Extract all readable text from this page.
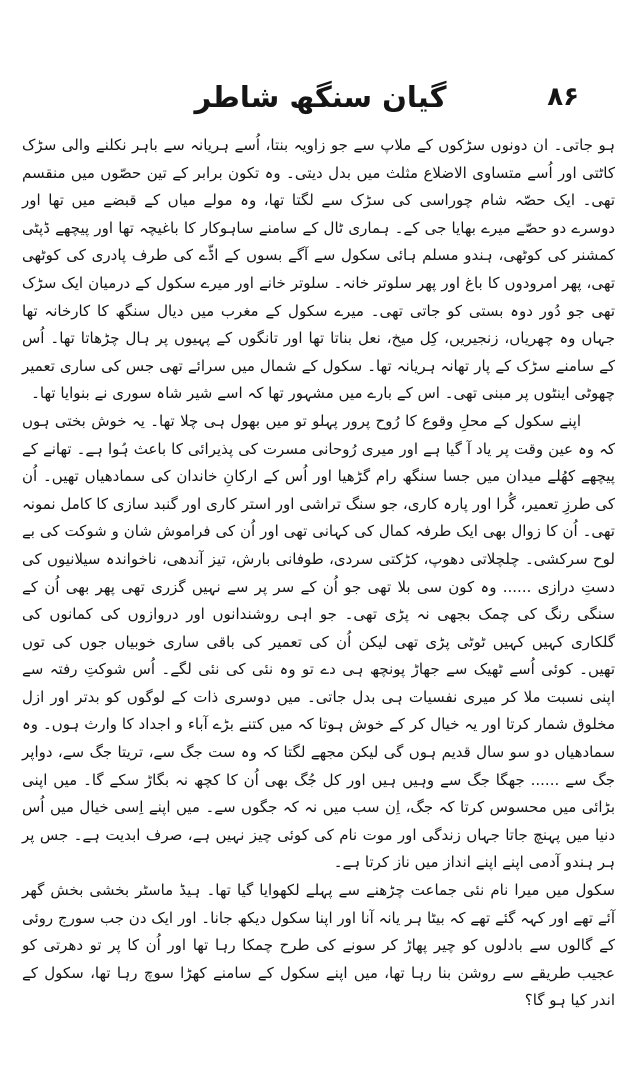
۸۶
گیان سنگھ شاطر

ہو جاتی۔ ان دونوں سڑکوں کے ملاپ سے جو زاویہ بنتا، اُسے ہریانہ سے باہر نکلنے والی سڑک کاٹتی اور اُسے متساوی الاضلاع مثلث میں بدل دیتی۔ وہ تکون برابر کے تین حصّوں میں منقسم تھی۔ ایک حصّہ شام چوراسی کی سڑک سے لگتا تھا، وہ مولے میاں کے قبضے میں تھا اور دوسرے دو حصّے میرے بھایا جی کے۔ ہماری ٹال کے سامنے ساہوکار کا باغیچہ تھا اور پیچھے ڈپٹی کمشنر کی کوٹھی، ہندو مسلم ہائی سکول سے آگے بسوں کے اڈّے کی طرف پادری کی کوٹھی تھی، پھر امرودوں کا باغ اور پھر سلوتر خانہ۔ سلوتر خانے اور میرے سکول کے درمیان ایک سڑک تھی جو دُور دوہ بستی کو جاتی تھی۔ میرے سکول کے مغرب میں دیال سنگھ کا کارخانہ تھا جہاں وہ چھریاں، زنجیریں، کِل میخ، نعل بناتا تھا اور تانگوں کے پہیوں پر ہال چڑھاتا تھا۔ اُس کے سامنے سڑک کے پار تھانہ ہریانہ تھا۔ سکول کے شمال میں سرائے تھی جس کی ساری تعمیر چھوٹی اینٹوں پر مبنی تھی۔ اس کے بارے میں مشہور تھا کہ اسے شیر شاہ سوری نے بنوایا تھا۔

اپنے سکول کے محلِ وقوع کا رُوح پرور پہلو تو میں بھول ہی چلا تھا۔ یہ خوش بختی ہوں کہ وہ عین وقت پر یاد آ گیا ہے اور میری رُوحانی مسرت کی پذیرائی کا باعث ہُوا ہے۔ تھانے کے پیچھے کھُلے میدان میں جسا سنگھ رام گڑھیا اور اُس کے ارکانِ خاندان کی سمادھیاں تھیں۔ اُن کی طرزِ تعمیر، گُرا اور پارہ کاری، جو سنگ تراشی اور استر کاری اور گنبد سازی کا کامل نمونہ تھی۔ اُن کا زوال بھی ایک طرفہ کمال کی کہانی تھی اور اُن کی فراموش شان و شوکت کی بے لوح سرکشی۔ چلچلاتی دھوپ، کڑکتی سردی، طوفانی بارش، تیز آندھی، ناخواندہ سیلانیوں کی دستِ درازی ...... وہ کون سی بلا تھی جو اُن کے سر پر سے نہیں گزری تھی پھر بھی اُن کے سنگی رنگ کی چمک بجھی نہ پڑی تھی۔ جو اہی روشندانوں اور دروازوں کی کمانوں کی گلکاری کہیں کہیں ٹوٹی پڑی تھی لیکن اُن کی تعمیر کی باقی ساری خوبیاں جوں کی توں تھیں۔ کوئی اُسے ٹھیک سے جھاڑ پونچھ ہی دے تو وہ نئی کی نئی لگے۔ اُس شوکتِ رفتہ سے اپنی نسبت ملا کر میری نفسیات ہی بدل جاتی۔ میں دوسری ذات کے لوگوں کو بدتر اور ازل مخلوق شمار کرتا اور یہ خیال کر کے خوش ہوتا کہ میں کتنے بڑے آباء و اجداد کا وارث ہوں۔ وہ سمادھیاں دو سو سال قدیم ہوں گی لیکن مجھے لگتا کہ وہ ست جگ سے، تریتا جگ سے، دواپر جگ سے ...... جھگا جگ سے وہیں ہیں اور کل جُگ بھی اُن کا کچھ نہ بگاڑ سکے گا۔ میں اپنی بڑائی میں محسوس کرتا کہ جگ، اِن سب میں نہ کہ جگوں سے۔ میں اپنے اِسی خیال میں اُس دنیا میں پہنچ جاتا جہاں زندگی اور موت نام کی کوئی چیز نہیں ہے، صرف ابدیت ہے۔ جس پر ہر ہندو آدمی اپنے اپنے انداز میں ناز کرتا ہے۔

سکول میں میرا نام نئی جماعت چڑھنے سے پہلے لکھوایا گیا تھا۔ ہیڈ ماسٹر بخشی بخش گھر آئے تھے اور کہہ گئے تھے کہ بیٹا ہر یانہ آنا اور اپنا سکول دیکھ جانا۔ اور ایک دن جب سورج روئی کے گالوں سے بادلوں کو چیر پھاڑ کر سونے کی طرح چمکا رہا تھا اور اُن کا پر تو دھرتی کو عجیب طریقے سے روشن بنا رہا تھا، میں اپنے سکول کے سامنے کھڑا سوچ رہا تھا، سکول کے اندر کیا ہو گا؟
